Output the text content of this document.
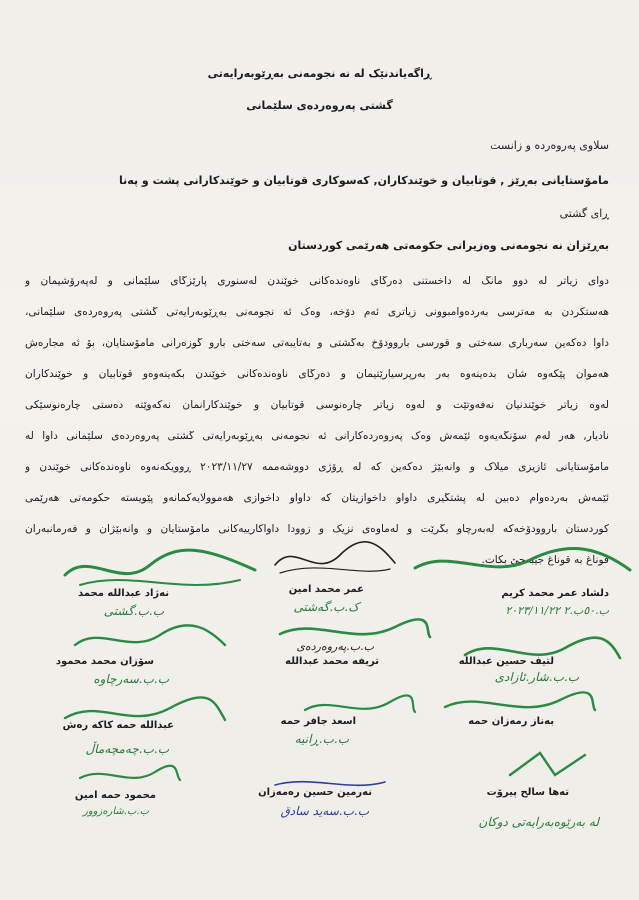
ڕاگەیاندنێک لە نە نجومەنی بەڕێوبەرایەتی
گشتی پەروەردەی سلێمانی
سلاوی پەروەردە و زانست
مامۆستایانی بەڕێز , قوتابیان و خوێندکاران, کەسوکاری قوتابیان و خوێندکارانی پشت و پەنا
ڕای گشتی
بەڕێزان نە نجومەنی وەزیرانی حکومەتی هەرێمی کوردستان
دوای زیاتر لە دوو مانگ لە داخستنی دەرگای ناوەندەکانی خوێندن لەسنوری پارێزگای سلێمانی و لەپەرۆشیمان و
هەستکردن بە مەترسی بەردەوامبوونی زیاتری ئەم دۆخە، وەک ئە نجومەنی بەڕێوبەرایەتی گشتی پەروەردەی سلێمانی،
داوا دەکەین سەرباری سەختی و قورسی باروودۆخ بەگشتی و بەتایبەتی سەختی بارو گوزەرانی مامۆستایان، بۆ ئە مجارەش
هەموان پێکەوە شان بدەینەوە بەر بەرپرسیارێتیمان و دەرگای ناوەندەکانی خوێندن بکەینەوەو قوتابیان و خوێندکاران
لەوە زیاتر خوێندنیان نەفەوتێت و لەوە زیاتر چارەنوسی قوتابیان و خوێندکارانمان نەکەوێتە دەستی چارەنوسێکی
نادیار, هەر لەم سۆنگەیەوە ئێمەش وەک پەروەردەکارانی ئە نجومەنی بەڕێوبەرایەتی گشتی پەروەردەی سلێمانی داوا لە
مامۆستایانی ئازیزی میلاک و وانەبێژ دەکەین کە لە ڕۆژی دووشەممە ٢٠٢٣/١١/٢٧ ڕوویکەنەوە ناوەندەکانی خوێندن و
ئێمەش بەردەوام دەبین لە پشتگیری داواو داخوازیتان کە داواو داخوازی هەموولایەکمانەو پێویستە حکومەتی هەرێمی
کوردستان باروودۆخەکە لەبەرچاو بگرێت و لەماوەی نزیک و زوودا داواکارییەکانی مامۆستایان و وانەبێژان و فەرمانبەران
قوناغ بە قوناغ جێبەجێ بکات.
دلشاد عمر محمد کریم
ب.٥٠ب.٢ ٢٠٢٣/١١/٢٢
عمر محمد امین
ک.ب.گەشتی
نەژاد عبدالله محمد
ب.ب.گشتی
لتیف حسین عبدالله
ب.ب.شار.ئازادی
تریفه محمد عبدالله
ب.ب.پەروەردەی
سۆزان محمد محمود
ب.ب.سەرچاوە
بەناز رمەزان حمه
اسعد جافر حمه
ب.ب.ڕانیە
عبدالله حمه کاکه رەش
ب.ب.چەمچەماڵ
تەها سالح پیرۆت
لە بەرێوەبەرایەتی دوکان
نەرمین حسین رەمەزان
ب.ب.سەید سادق
محمود حمه امین
ب.ب.شارەزوور
